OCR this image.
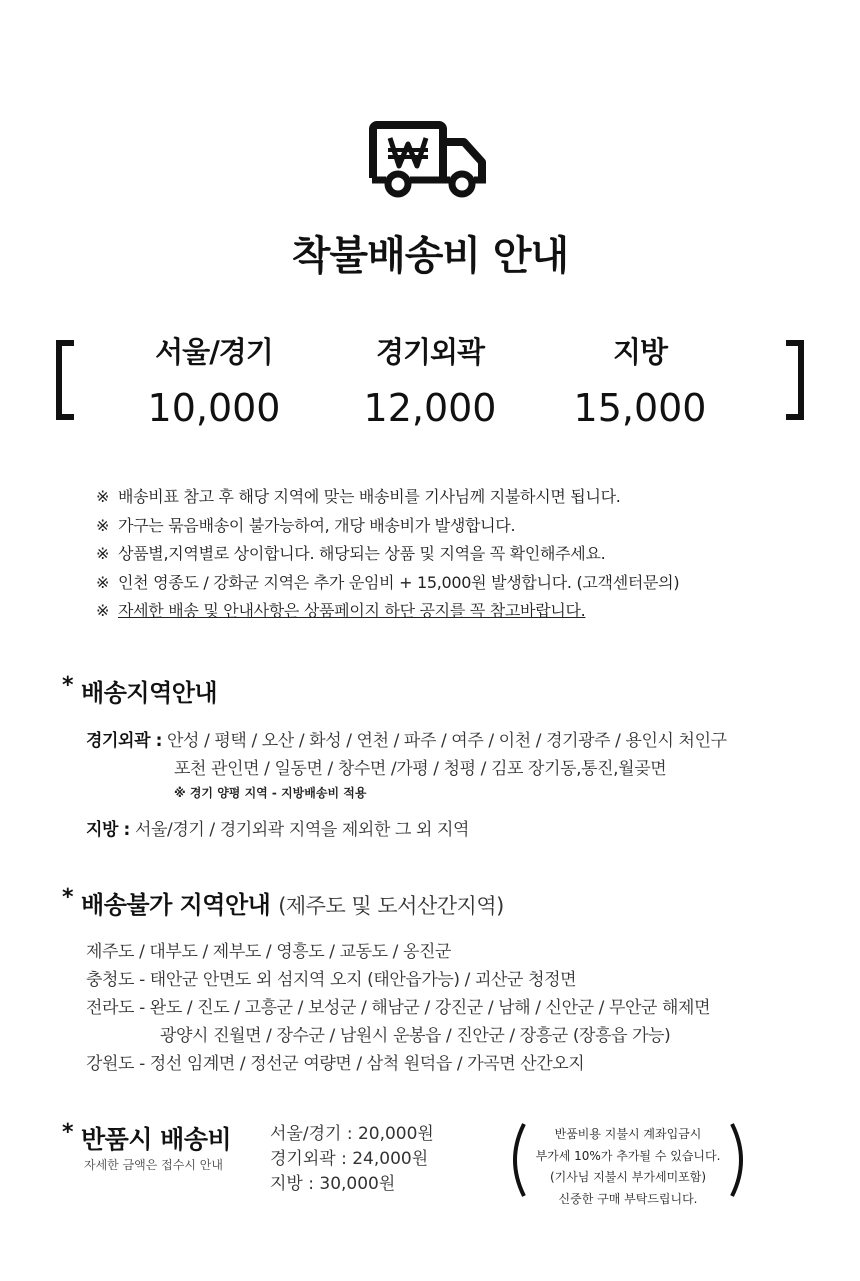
착불배송비 안내
서울/경기
10,000
경기외곽
12,000
지방
15,000
※ 배송비표 참고 후 해당 지역에 맞는 배송비를 기사님께 지불하시면 됩니다.
※ 가구는 묶음배송이 불가능하여, 개당 배송비가 발생합니다.
※ 상품별,지역별로 상이합니다. 해당되는 상품 및 지역을 꼭 확인해주세요.
※ 인천 영종도 / 강화군 지역은 추가 운임비 + 15,000원 발생합니다. (고객센터문의)
※ 자세한 배송 및 안내사항은 상품페이지 하단 공지를 꼭 참고바랍니다.
* 배송지역안내
경기외곽 : 안성 / 평택 / 오산 / 화성 / 연천 / 파주 / 여주 / 이천 / 경기광주 / 용인시 처인구
포천 관인면 / 일동면 / 창수면 /가평 / 청평 / 김포 장기동,통진,월곶면
※ 경기 양평 지역 - 지방배송비 적용
지방 : 서울/경기 / 경기외곽 지역을 제외한 그 외 지역
* 배송불가 지역안내 (제주도 및 도서산간지역)
제주도 / 대부도 / 제부도 / 영흥도 / 교동도 / 옹진군
충청도 - 태안군 안면도 외 섬지역 오지 (태안읍가능) / 괴산군 청정면
전라도 - 완도 / 진도 / 고흥군 / 보성군 / 해남군 / 강진군 / 남해 / 신안군 / 무안군 해제면
광양시 진월면 / 장수군 / 남원시 운봉읍 / 진안군 / 장흥군 (장흥읍 가능)
강원도 - 정선 임계면 / 정선군 여량면 / 삼척 원덕읍 / 가곡면 산간오지
* 반품시 배송비
자세한 금액은 접수시 안내
서울/경기 : 20,000원
경기외곽 : 24,000원
지방 : 30,000원
반품비용 지불시 계좌입금시
부가세 10%가 추가될 수 있습니다.
(기사님 지불시 부가세미포함)
신중한 구매 부탁드립니다.
